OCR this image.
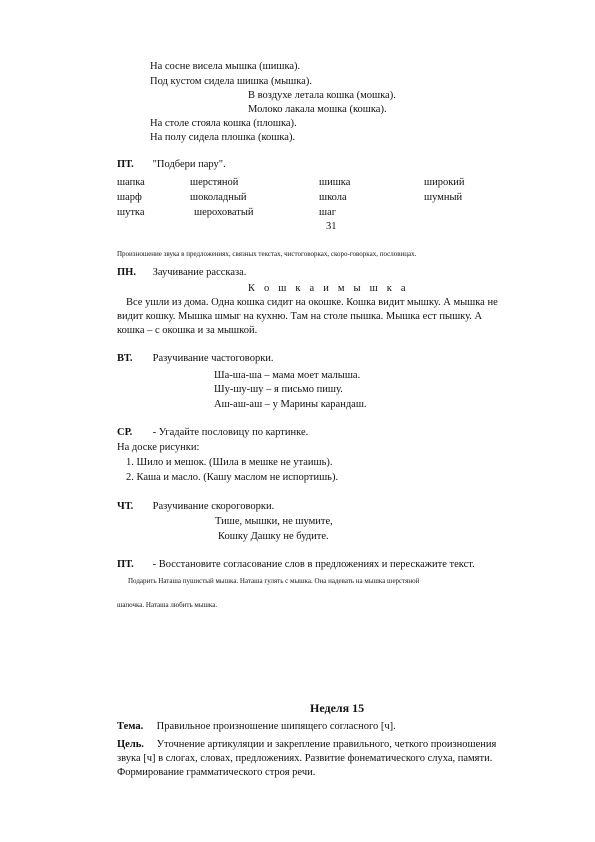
На сосне висела мышка (шишка).
Под кустом сидела шишка (мышка).
В воздухе летала кошка (мошка).
Молоко лакала мошка (кошка).
На столе стояла кошка (плошка).
На полу сидела плошка (кошка).
ПТ. "Подбери пару".
шапка	шерстяной	шишка	широкий
шарф	шоколадный	школа	шумный
шутка	шероховатый	шаг
31
Произношение звука в предложениях, связных текстах, чистоговорках, скоро-говорках, пословицах.
ПН. Заучивание рассказа.
К о ш к а и м ы ш к а
Все ушли из дома. Одна кошка сидит на окошке. Кошка видит мышку. А мышка не
видит кошку. Мышка шмыг на кухню. Там на столе пышка. Мышка ест пышку. А
кошка – с окошка и за мышкой.
ВТ. Разучивание частоговорки.
Ша-ша-ша – мама моет малыша.
Шу-шу-шу – я письмо пишу.
Аш-аш-аш – у Марины карандаш.
СР. - Угадайте пословицу по картинке.
На доске рисунки:
1. Шило и мешок. (Шила в мешке не утаишь).
2. Каша и масло. (Кашу маслом не испортишь).
ЧТ. Разучивание скороговорки.
Тише, мышки, не шумите,
Кошку Дашку не будите.
ПТ. - Восстановите согласование слов в предложениях и перескажите текст.
Подарить Наташа пушистый мышка. Наташа гулять с мышка. Она надевать на мышка шерстяной
шапочка. Наташа любить мышка.
Неделя 15
Тема. Правильное произношение шипящего согласного [ч].
Цель. Уточнение артикуляции и закрепление правильного, четкого произношения
звука [ч] в слогах, словах, предложениях. Развитие фонематического слуха, памяти.
Формирование грамматического строя речи.
